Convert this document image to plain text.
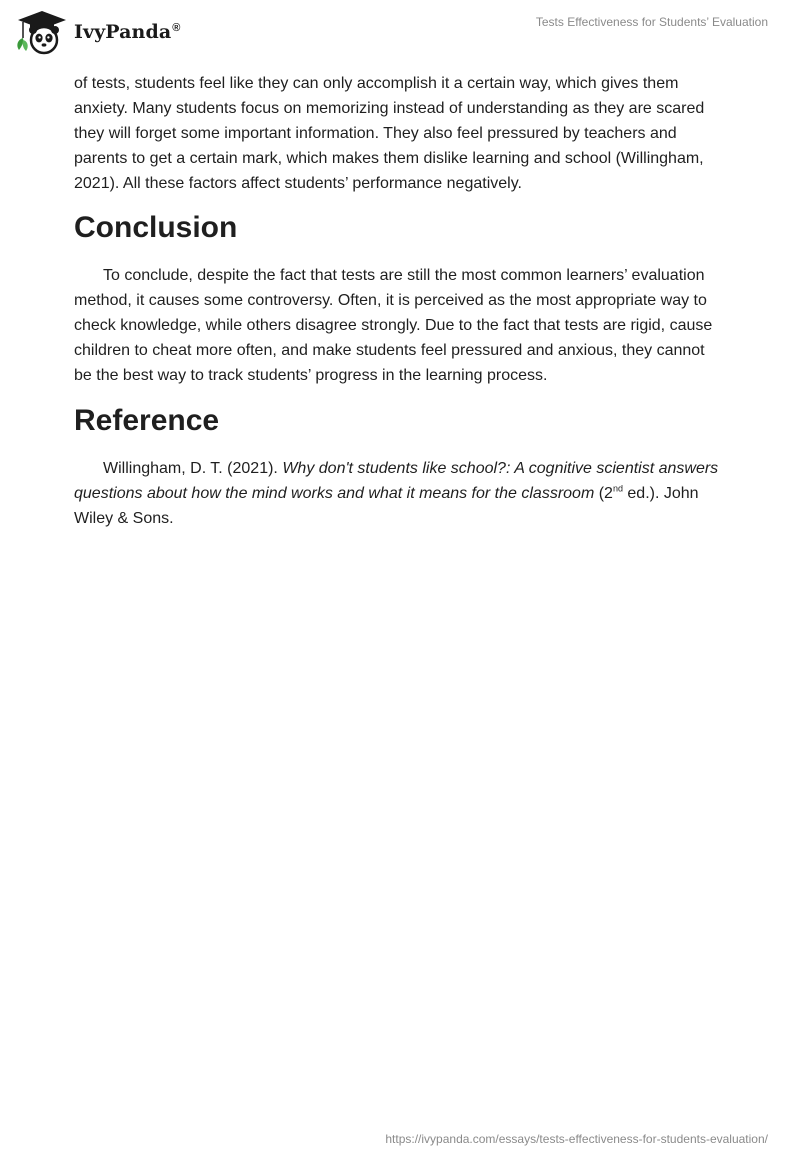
IvyPanda®	Tests Effectiveness for Students’ Evaluation

of tests, students feel like they can only accomplish it a certain way, which gives them anxiety. Many students focus on memorizing instead of understanding as they are scared they will forget some important information. They also feel pressured by teachers and parents to get a certain mark, which makes them dislike learning and school (Willingham, 2021). All these factors affect students’ performance negatively.

Conclusion

To conclude, despite the fact that tests are still the most common learners’ evaluation method, it causes some controversy. Often, it is perceived as the most appropriate way to check knowledge, while others disagree strongly. Due to the fact that tests are rigid, cause children to cheat more often, and make students feel pressured and anxious, they cannot be the best way to track students’ progress in the learning process.

Reference

Willingham, D. T. (2021). Why don't students like school?: A cognitive scientist answers questions about how the mind works and what it means for the classroom (2nd ed.). John Wiley & Sons.

https://ivypanda.com/essays/tests-effectiveness-for-students-evaluation/
